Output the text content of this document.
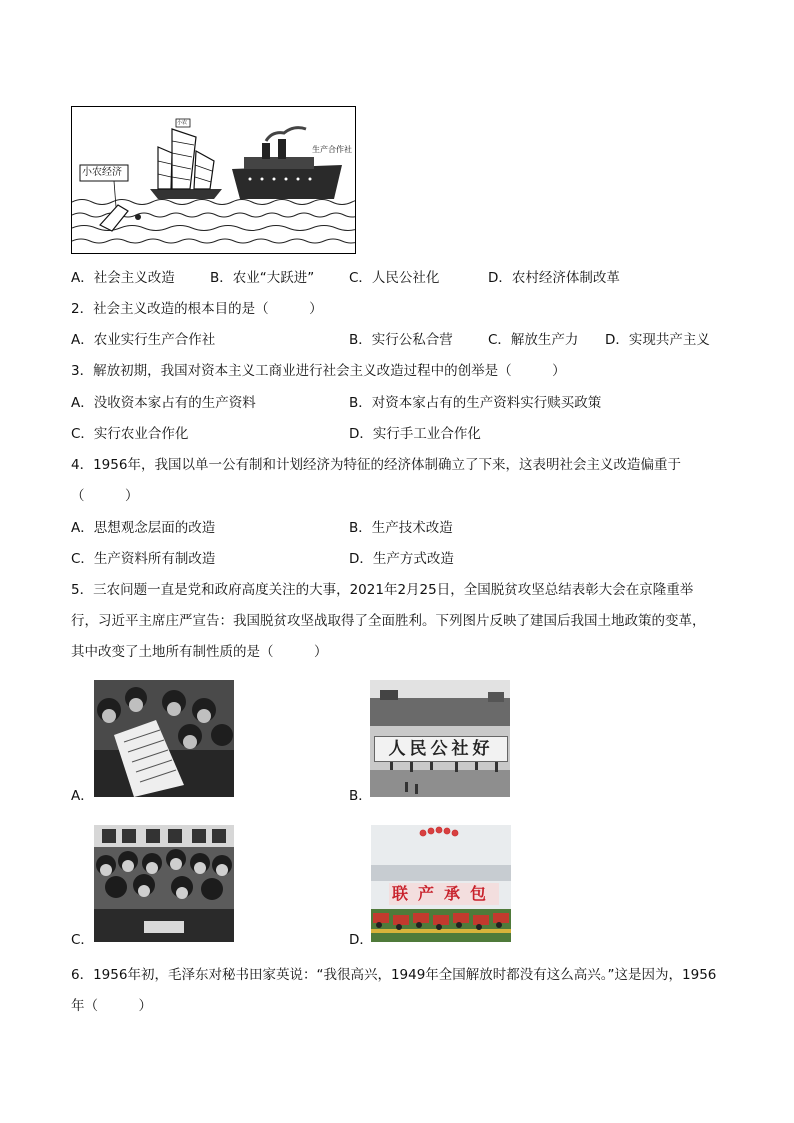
小农经济
生产合作社
小农
A．社会主义改造	B．农业“大跃进”	C．人民公社化	D．农村经济体制改革
2．社会主义改造的根本目的是（　　　）
A．农业实行生产合作社	B．实行公私合营	C．解放生产力 D．实现共产主义
3．解放初期，我国对资本主义工商业进行社会主义改造过程中的创举是（　　　）
A．没收资本家占有的生产资料	B．对资本家占有的生产资料实行赎买政策
C．实行农业合作化	D．实行手工业合作化
4．1956年，我国以单一公有制和计划经济为特征的经济体制确立了下来，这表明社会主义改造偏重于
（　　　）
A．思想观念层面的改造	B．生产技术改造
C．生产资料所有制改造	D．生产方式改造
5．三农问题一直是党和政府高度关注的大事，2021年2月25日，全国脱贫攻坚总结表彰大会在京隆重举
行，习近平主席庄严宣告：我国脱贫攻坚战取得了全面胜利。下列图片反映了建国后我国土地政策的变革，
其中改变了土地所有制性质的是（　　　）
A．
人民公社好
B．
C．
联产承包
D．
6．1956年初，毛泽东对秘书田家英说：“我很高兴，1949年全国解放时都没有这么高兴。”这是因为，1956
年（　　　）
